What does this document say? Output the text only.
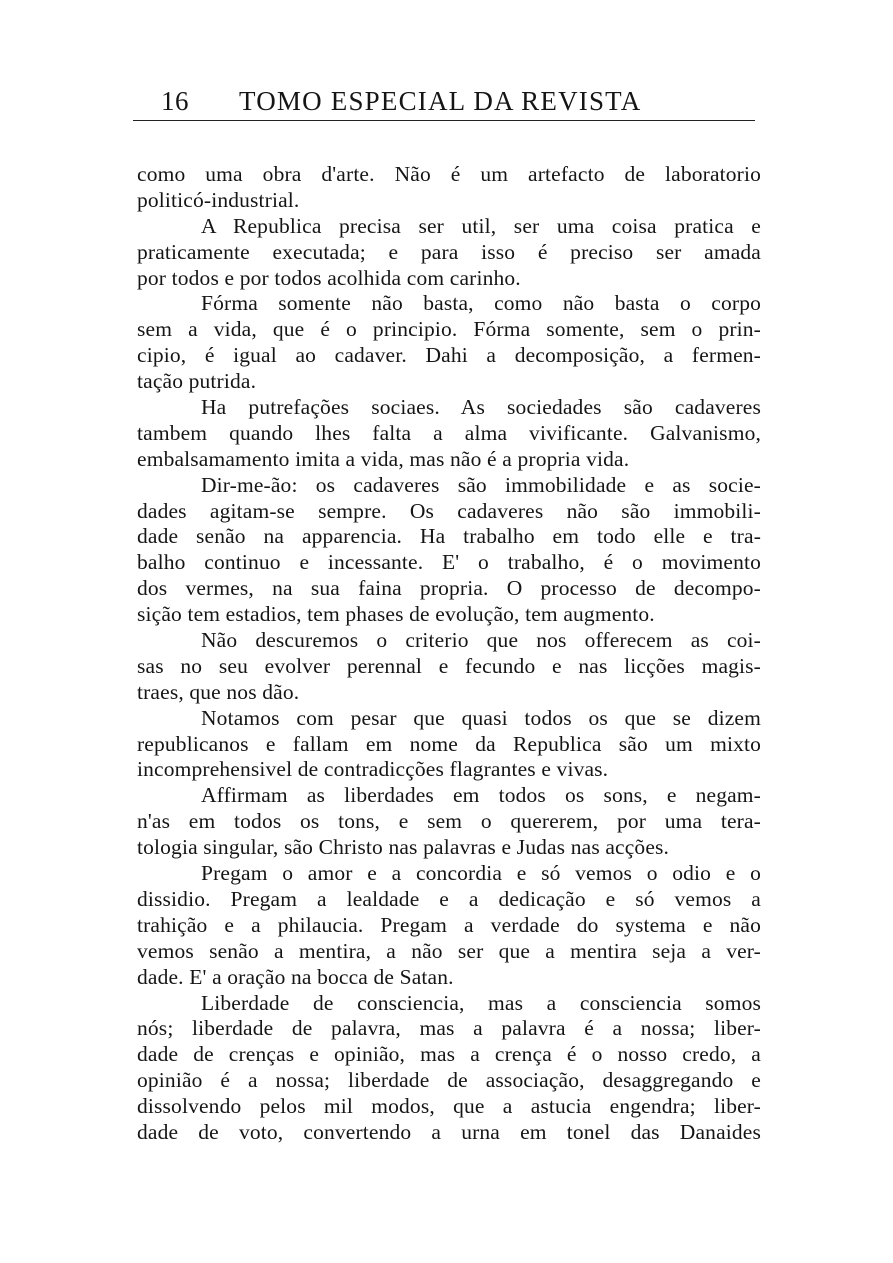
16 TOMO ESPECIAL DA REVISTA
como uma obra d'arte. Não é um artefacto de laboratorio
politicó-industrial.
A Republica precisa ser util, ser uma coisa pratica e
praticamente executada; e para isso é preciso ser amada
por todos e por todos acolhida com carinho.
Fórma somente não basta, como não basta o corpo
sem a vida, que é o principio. Fórma somente, sem o prin-
cipio, é igual ao cadaver. Dahi a decomposição, a fermen-
tação putrida.
Ha putrefações sociaes. As sociedades são cadaveres
tambem quando lhes falta a alma vivificante. Galvanismo,
embalsamamento imita a vida, mas não é a propria vida.
Dir-me-ão: os cadaveres são immobilidade e as socie-
dades agitam-se sempre. Os cadaveres não são immobili-
dade senão na apparencia. Ha trabalho em todo elle e tra-
balho continuo e incessante. E' o trabalho, é o movimento
dos vermes, na sua faina propria. O processo de decompo-
sição tem estadios, tem phases de evolução, tem augmento.
Não descuremos o criterio que nos offerecem as coi-
sas no seu evolver perennal e fecundo e nas licções magis-
traes, que nos dão.
Notamos com pesar que quasi todos os que se dizem
republicanos e fallam em nome da Republica são um mixto
incomprehensivel de contradicções flagrantes e vivas.
Affirmam as liberdades em todos os sons, e negam-
n'as em todos os tons, e sem o quererem, por uma tera-
tologia singular, são Christo nas palavras e Judas nas acções.
Pregam o amor e a concordia e só vemos o odio e o
dissidio. Pregam a lealdade e a dedicação e só vemos a
trahição e a philaucia. Pregam a verdade do systema e não
vemos senão a mentira, a não ser que a mentira seja a ver-
dade. E' a oração na bocca de Satan.
Liberdade de consciencia, mas a consciencia somos
nós; liberdade de palavra, mas a palavra é a nossa; liber-
dade de crenças e opinião, mas a crença é o nosso credo, a
opinião é a nossa; liberdade de associação, desaggregando e
dissolvendo pelos mil modos, que a astucia engendra; liber-
dade de voto, convertendo a urna em tonel das Danaides
